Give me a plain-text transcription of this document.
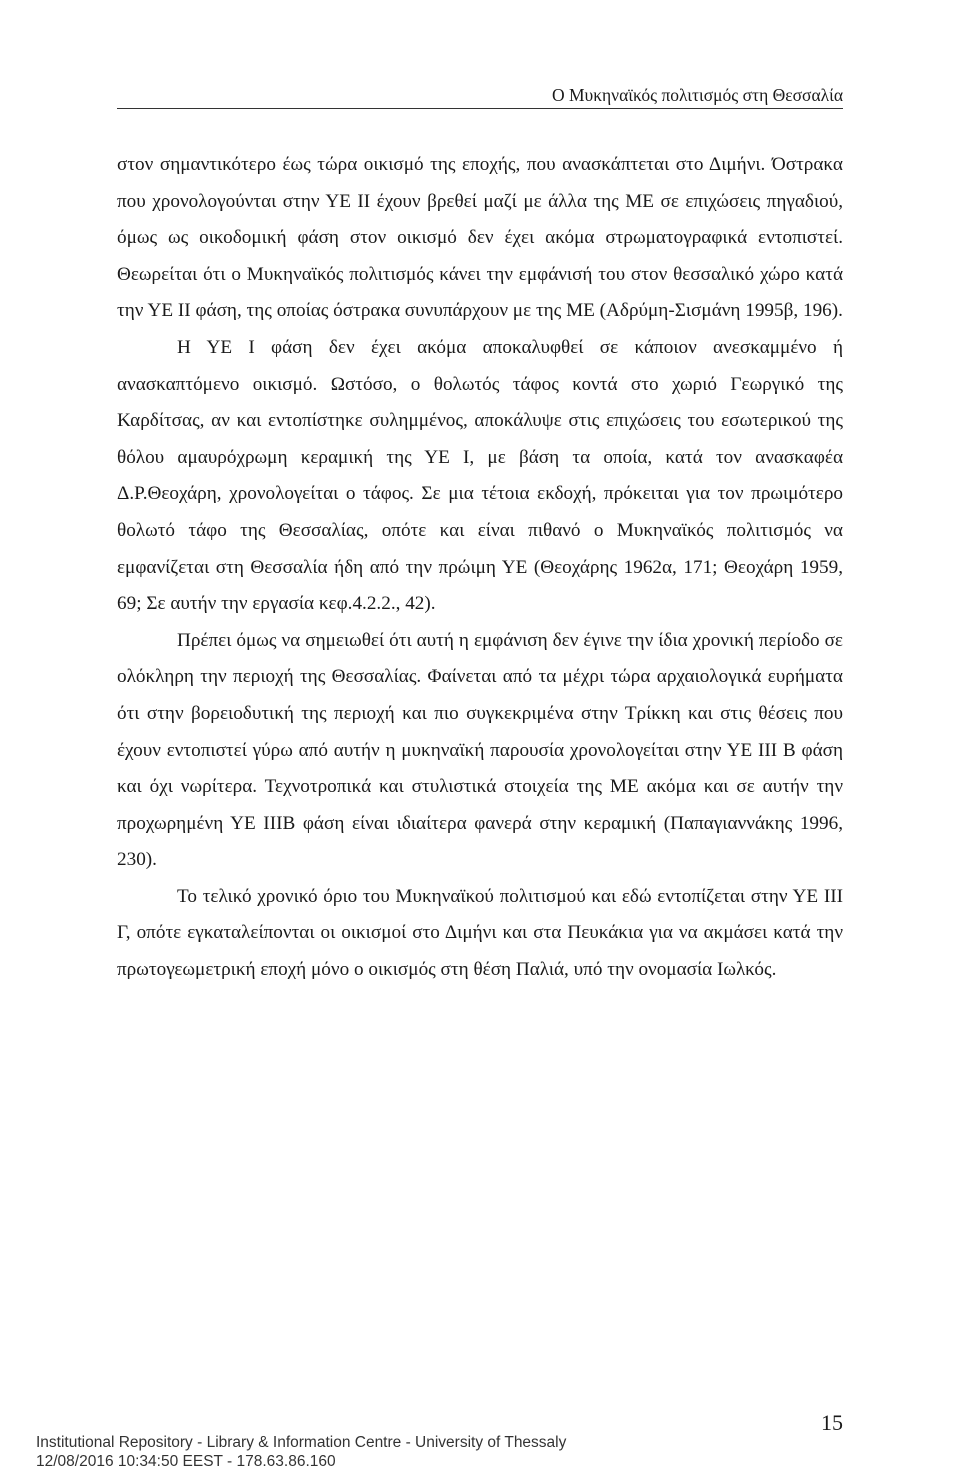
Ο Μυκηναϊκός πολιτισμός στη Θεσσαλία

στον σημαντικότερο έως τώρα οικισμό της εποχής, που ανασκάπτεται στο Διμήνι. Όστρακα που χρονολογούνται στην ΥΕ ΙΙ έχουν βρεθεί μαζί με άλλα της ΜΕ σε επιχώσεις πηγαδιού, όμως ως οικοδομική φάση στον οικισμό δεν έχει ακόμα στρωματογραφικά εντοπιστεί. Θεωρείται ότι ο Μυκηναϊκός πολιτισμός κάνει την εμφάνισή του στον θεσσαλικό χώρο κατά την ΥΕ ΙΙ φάση, της οποίας όστρακα συνυπάρχουν με της ΜΕ (Αδρύμη-Σισμάνη 1995β, 196).

Η ΥΕ Ι φάση δεν έχει ακόμα αποκαλυφθεί σε κάποιον ανεσκαμμένο ή ανασκαπτόμενο οικισμό. Ωστόσο, ο θολωτός τάφος κοντά στο χωριό Γεωργικό της Καρδίτσας, αν και εντοπίστηκε συλημμένος, αποκάλυψε στις επιχώσεις του εσωτερικού της θόλου αμαυρόχρωμη κεραμική της ΥΕ Ι, με βάση τα οποία, κατά τον ανασκαφέα Δ.Ρ.Θεοχάρη, χρονολογείται ο τάφος. Σε μια τέτοια εκδοχή, πρόκειται για τον πρωιμότερο θολωτό τάφο της Θεσσαλίας, οπότε και είναι πιθανό ο Μυκηναϊκός πολιτισμός να εμφανίζεται στη Θεσσαλία ήδη από την πρώιμη ΥΕ (Θεοχάρης 1962α, 171; Θεοχάρη 1959, 69; Σε αυτήν την εργασία κεφ.4.2.2., 42).

Πρέπει όμως να σημειωθεί ότι αυτή η εμφάνιση δεν έγινε την ίδια χρονική περίοδο σε ολόκληρη την περιοχή της Θεσσαλίας. Φαίνεται από τα μέχρι τώρα αρχαιολογικά ευρήματα ότι στην βορειοδυτική της περιοχή και πιο συγκεκριμένα στην Τρίκκη και στις θέσεις που έχουν εντοπιστεί γύρω από αυτήν η μυκηναϊκή παρουσία χρονολογείται στην ΥΕ ΙΙΙ Β φάση και όχι νωρίτερα. Τεχνοτροπικά και στυλιστικά στοιχεία της ΜΕ ακόμα και σε αυτήν την προχωρημένη ΥΕ ΙΙΙΒ φάση είναι ιδιαίτερα φανερά στην κεραμική (Παπαγιαννάκης 1996, 230).

Το τελικό χρονικό όριο του Μυκηναϊκού πολιτισμού και εδώ εντοπίζεται στην ΥΕ ΙΙΙ Γ, οπότε εγκαταλείπονται οι οικισμοί στο Διμήνι και στα Πευκάκια για να ακμάσει κατά την πρωτογεωμετρική εποχή μόνο ο οικισμός στη θέση Παλιά, υπό την ονομασία Ιωλκός.

15
Institutional Repository - Library & Information Centre - University of Thessaly
12/08/2016 10:34:50 EEST - 178.63.86.160
